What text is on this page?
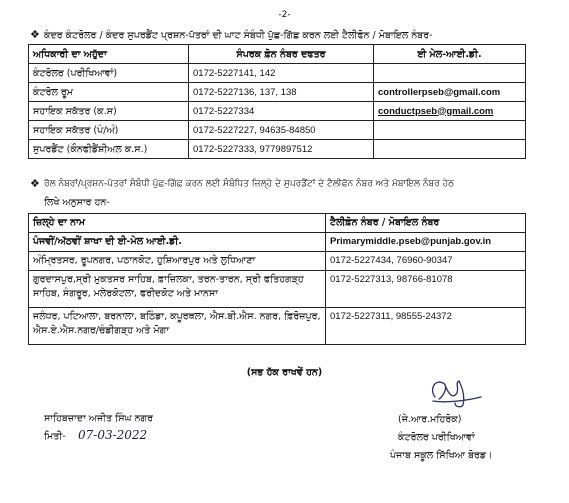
-2-
❖ ਕੰਦਰ ਕੰਟਰੋਲਰ / ਕੰਦਰ ਸੁਪਰਡੈਂਟ ਪ੍ਰਸ਼ਨ-ਪੱਤਰਾਂ ਦੀ ਘਾਟ ਸੰਬੰਧੀ ਪੁੱਛ-ਗਿੱਛ ਕਰਨ ਲਈ ਟੈਲੀਫੋਨ / ਮੋਬਾਇਲ ਨੰਬਰ-
ਅਧਿਕਾਰੀ ਦਾ ਅਹੁੱਦਾ	ਸੰਪਰਕ ਫ਼ੋਨ ਨੰਬਰ ਦਫਤਰ	ਈ ਮੇਲ-ਆਈ.ਡੀ.
ਕੰਟਰੋਲਰ (ਪਰੀਖਿਆਵਾਂ)	0172-5227141, 142	
ਕੰਟਰੋਲ ਰੂਮ	0172-5227136, 137, 138	controllerpseb@gmail.com
ਸਹਾਇਕ ਸਕੱਤਰ (ਕ.ਸ)	0172-5227334	conductpseb@gmail.com
ਸਹਾਇਕ ਸਕੱਤਰ (ਪੰ/ਅੰ)	0172-5227227, 94635-84850	
ਸੁਪਰਡੈਂਟ (ਕੌਨਫੀਡੈਂਸ਼ੀਅਲ ਕ.ਸ.)	0172-5227333, 9779897512	
❖ ਰੋਲ ਨੰਬਰਾਂ/ਪ੍ਰਸ਼ਨ-ਪੱਤਰਾਂ ਸੰਬੰਧੀ ਪੁੱਛ-ਗਿੱਛ ਕਰਨ ਲਈ ਸੰਬੰਧਿਤ ਜ਼ਿਲ੍ਹੇ ਦੇ ਸੁਪਰਡੈਂਟਾਂ ਦੇ ਟੈਲੀਫੋਨ ਨੰਬਰ ਅਤੇ ਮੋਬਾਇਲ ਨੰਬਰ ਹੇਠ
ਲਿਖੇ ਅਨੁਸਾਰ ਹਨ-
ਜ਼ਿਲ੍ਹੇ ਦਾ ਨਾਮ	ਟੈਲੀਫ਼ੋਨ ਨੰਬਰ / ਮੋਬਾਇਲ ਨੰਬਰ
ਪੰਜਵੀਂ/ਅੱਠਵੀਂ ਸ਼ਾਖਾ ਦੀ ਈ-ਮੇਲ ਆਈ.ਡੀ.	Primarymiddle.pseb@punjab.gov.in
ਅੰਮ੍ਰਿਤਸਰ, ਰੂਪਨਗਰ, ਪਠਾਨਕੋਟ, ਹੁਸ਼ਿਆਰਪੁਰ ਅਤੇ ਲੁਧਿਆਣਾ	0172-5227434, 76960-90347
ਗੁਰਦਾਸਪੁਰ,ਸ੍ਰੀ ਮੁਕਤਸਰ ਸਾਹਿਬ, ਫ਼ਾਜ਼ਿਲਕਾ, ਤਰਨ-ਤਾਰਨ, ਸ੍ਰੀ ਫਤਿਹਗੜ੍ਹ ਸਾਹਿਬ, ਸੰਗਰੂਰ, ਮਲੇਰਕੋਟਲਾ, ਫਰੀਦਕੋਟ ਅਤੇ ਮਾਨਸਾ	0172-5227313, 98766-81078
ਜਲੰਧਰ, ਪਟਿਆਲਾ, ਬਰਨਾਲਾ, ਬਠਿੰਡਾ, ਕਪੂਰਥਲਾ, ਐਸ.ਬੀ.ਐਸ. ਨਗਰ, ਫ਼ਿਰੋਜ਼ਪੁਰ, ਐਸ.ਏ.ਐਸ.ਨਗਰ/ਚੰਡੀਗੜ੍ਹ ਅਤੇ ਮੋਗਾ	0172-5227311, 98555-24372
(ਸਭ ਹੱਕ ਰਾਖਵੇਂ ਹਨ)
ਸਾਹਿਬਜ਼ਾਦਾ ਅਜੀਤ ਸਿੰਘ ਨਗਰ
ਮਿਤੀ- 07-03-2022
(ਜੇ.ਆਰ.ਮਹਿਰੋਕ)
ਕੰਟਰੋਲਰ ਪਰੀਖਿਆਵਾਂ
ਪੰਜਾਬ ਸਕੂਲ ਸਿੱਖਿਆ ਬੋਰਡ।
